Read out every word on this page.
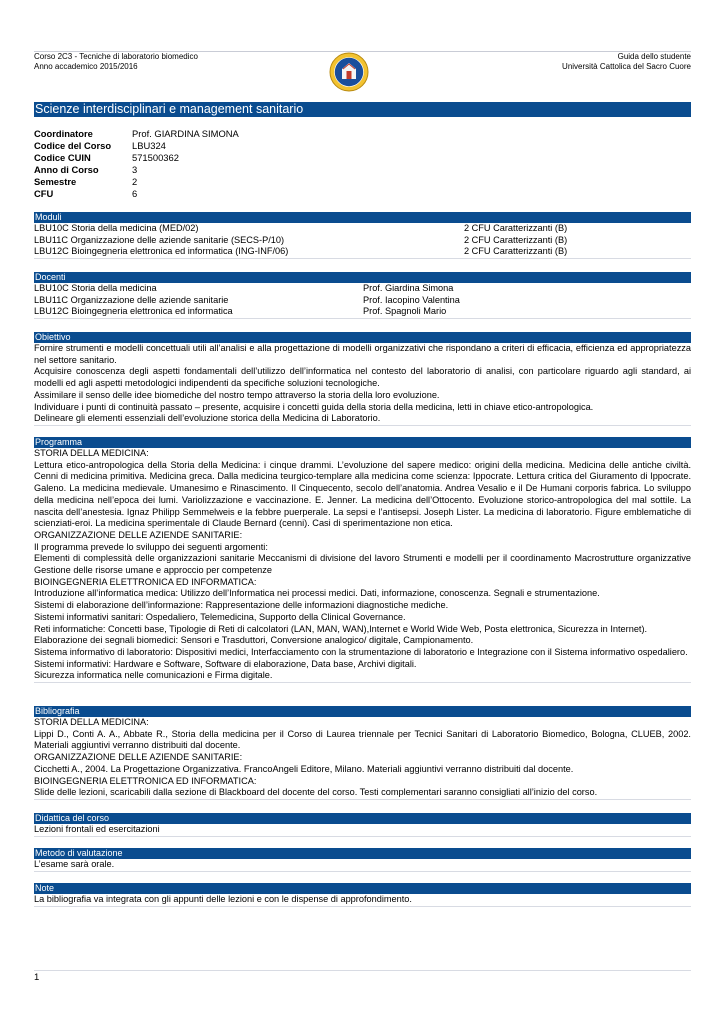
Corso 2C3 - Tecniche di laboratorio biomedico
Anno accademico 2015/2016
Guida dello studente
Università Cattolica del Sacro Cuore
Scienze interdisciplinari e management sanitario
Coordinatore	Prof. GIARDINA SIMONA
Codice del Corso	LBU324
Codice CUIN	571500362
Anno di Corso	3
Semestre	2
CFU	6
Moduli
LBU10C Storia della medicina (MED/02)	2 CFU Caratterizzanti (B)
LBU11C Organizzazione delle aziende sanitarie (SECS-P/10)	2 CFU Caratterizzanti (B)
LBU12C Bioingegneria elettronica ed informatica (ING-INF/06)	2 CFU Caratterizzanti (B)
Docenti
LBU10C Storia della medicina	Prof. Giardina Simona
LBU11C Organizzazione delle aziende sanitarie	Prof. Iacopino Valentina
LBU12C Bioingegneria elettronica ed informatica	Prof. Spagnoli Mario
Obiettivo

Fornire strumenti e modelli concettuali utili all’analisi e alla progettazione di modelli organizzativi che rispondano a criteri di efficacia, efficienza ed appropriatezza nel settore sanitario.

Acquisire conoscenza degli aspetti fondamentali dell’utilizzo dell’informatica nel contesto del laboratorio di analisi, con particolare riguardo agli standard, ai modelli ed agli aspetti metodologici indipendenti da specifiche soluzioni tecnologiche.

Assimilare il senso delle idee biomediche del nostro tempo attraverso la storia della loro evoluzione.

Individuare i punti di continuità passato – presente, acquisire i concetti guida della storia della medicina, letti in chiave etico-antropologica.

Delineare gli elementi essenziali dell’evoluzione storica della Medicina di Laboratorio.

Programma

STORIA DELLA MEDICINA:

Lettura etico-antropologica della Storia della Medicina: i cinque drammi. L’evoluzione del sapere medico: origini della medicina. Medicina delle antiche civiltà. Cenni di medicina primitiva. Medicina greca. Dalla medicina teurgico-templare alla medicina come scienza: Ippocrate. Lettura critica del Giuramento di Ippocrate. Galeno. La medicina medievale. Umanesimo e Rinascimento. Il Cinquecento, secolo dell’anatomia. Andrea Vesalio e il De Humani corporis fabrica. Lo sviluppo della medicina nell’epoca dei lumi. Variolizzazione e vaccinazione. E. Jenner. La medicina dell’Ottocento. Evoluzione storico-antropologica del mal sottile. La nascita dell’anestesia. Ignaz Philipp Semmelweis e la febbre puerperale. La sepsi e l’antisepsi. Joseph Lister. La medicina di laboratorio. Figure emblematiche di scienziati-eroi. La medicina sperimentale di Claude Bernard (cenni). Casi di sperimentazione non etica.

ORGANIZZAZIONE DELLE AZIENDE SANITARIE:

Il programma prevede lo sviluppo dei seguenti argomenti:

Elementi di complessità delle organizzazioni sanitarie Meccanismi di divisione del lavoro Strumenti e modelli per il coordinamento Macrostrutture organizzative Gestione delle risorse umane e approccio per competenze

BIOINGEGNERIA ELETTRONICA ED INFORMATICA:

Introduzione all’informatica medica: Utilizzo dell’Informatica nei processi medici. Dati, informazione, conoscenza. Segnali e strumentazione.

Sistemi di elaborazione dell’informazione: Rappresentazione delle informazioni diagnostiche mediche.

Sistemi informativi sanitari: Ospedaliero, Telemedicina, Supporto della Clinical Governance.

Reti informatiche: Concetti base, Tipologie di Reti di calcolatori (LAN, MAN, WAN),Internet e World Wide Web, Posta elettronica, Sicurezza in Internet).

Elaborazione dei segnali biomedici: Sensori e Trasduttori, Conversione analogico/ digitale, Campionamento.

Sistema informativo di laboratorio: Dispositivi medici, Interfacciamento con la strumentazione di laboratorio e Integrazione con il Sistema informativo ospedaliero.

Sistemi informativi: Hardware e Software, Software di elaborazione, Data base, Archivi digitali.

Sicurezza informatica nelle comunicazioni e Firma digitale.

Bibliografia

STORIA DELLA MEDICINA:

Lippi D., Conti A. A., Abbate R., Storia della medicina per il Corso di Laurea triennale per Tecnici Sanitari di Laboratorio Biomedico, Bologna, CLUEB, 2002. Materiali aggiuntivi verranno distribuiti dal docente.

ORGANIZZAZIONE DELLE AZIENDE SANITARIE:

Cicchetti A., 2004. La Progettazione Organizzativa. FrancoAngeli Editore, Milano. Materiali aggiuntivi verranno distribuiti dal docente.

BIOINGEGNERIA ELETTRONICA ED INFORMATICA:

Slide delle lezioni, scaricabili dalla sezione di Blackboard del docente del corso. Testi complementari saranno consigliati all’inizio del corso.

Didattica del corso

Lezioni frontali ed esercitazioni

Metodo di valutazione

L’esame sarà orale.

Note

La bibliografia va integrata con gli appunti delle lezioni e con le dispense di approfondimento.

1
